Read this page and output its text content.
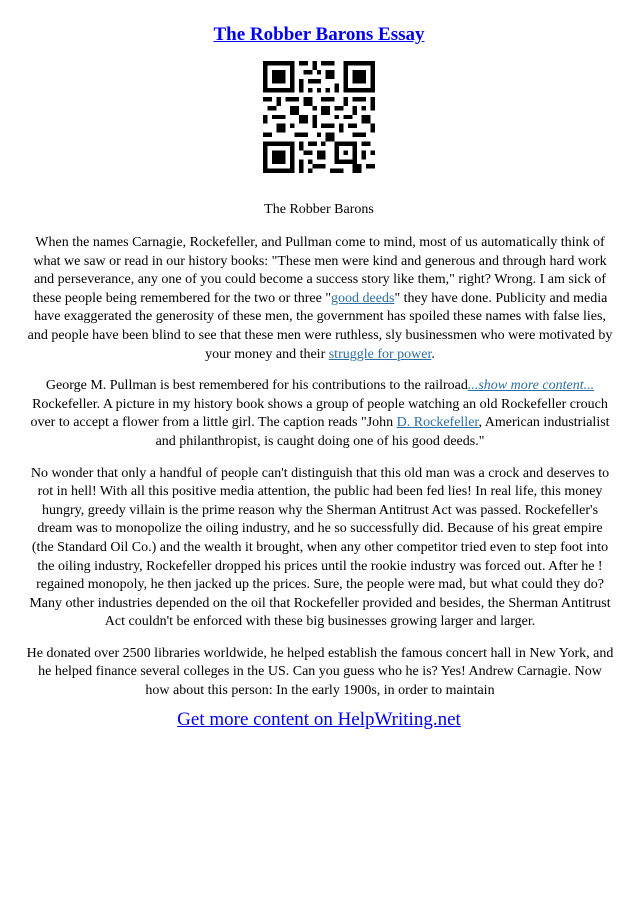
The Robber Barons Essay
The Robber Barons

When the names Carnagie, Rockefeller, and Pullman come to mind, most of us automatically think of what we saw or read in our history books: "These men were kind and generous and through hard work and perseverance, any one of you could become a success story like them," right? Wrong. I am sick of these people being remembered for the two or three "good deeds" they have done. Publicity and media have exaggerated the generosity of these men, the government has spoiled these names with false lies, and people have been blind to see that these men were ruthless, sly businessmen who were motivated by your money and their struggle for power.

George M. Pullman is best remembered for his contributions to the railroad...show more content... Rockefeller. A picture in my history book shows a group of people watching an old Rockefeller crouch over to accept a flower from a little girl. The caption reads "John D. Rockefeller, American industrialist and philanthropist, is caught doing one of his good deeds."

No wonder that only a handful of people can't distinguish that this old man was a crock and deserves to rot in hell! With all this positive media attention, the public had been fed lies! In real life, this money hungry, greedy villain is the prime reason why the Sherman Antitrust Act was passed. Rockefeller's dream was to monopolize the oiling industry, and he so successfully did. Because of his great empire (the Standard Oil Co.) and the wealth it brought, when any other competitor tried even to step foot into the oiling industry, Rockefeller dropped his prices until the rookie industry was forced out. After he ! regained monopoly, he then jacked up the prices. Sure, the people were mad, but what could they do? Many other industries depended on the oil that Rockefeller provided and besides, the Sherman Antitrust Act couldn't be enforced with these big businesses growing larger and larger.

He donated over 2500 libraries worldwide, he helped establish the famous concert hall in New York, and he helped finance several colleges in the US. Can you guess who he is? Yes! Andrew Carnagie. Now how about this person: In the early 1900s, in order to maintain

Get more content on HelpWriting.net
